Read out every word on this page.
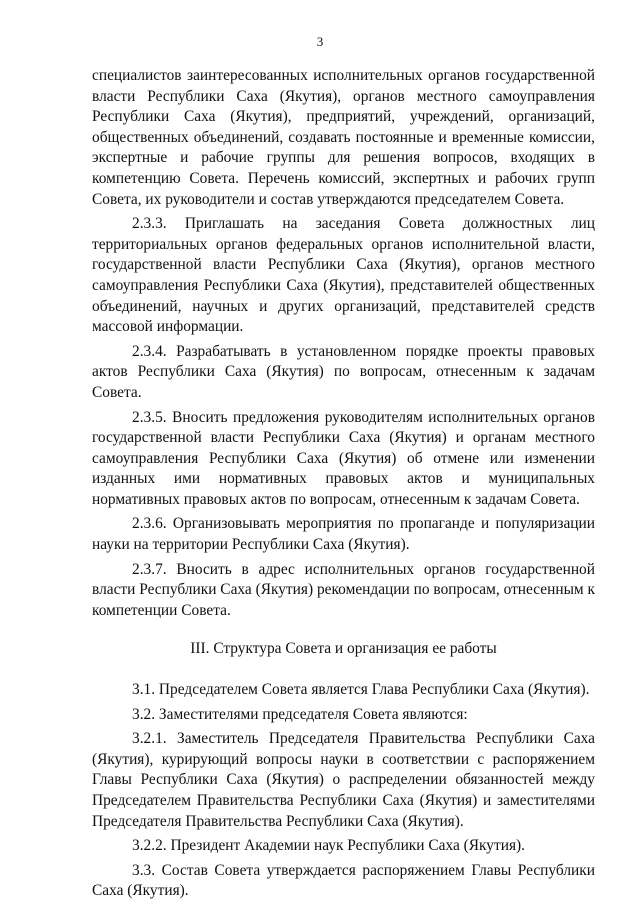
3

специалистов заинтересованных исполнительных органов государственной власти Республики Саха (Якутия), органов местного самоуправления Республики Саха (Якутия), предприятий, учреждений, организаций, общественных объединений, создавать постоянные и временные комиссии, экспертные и рабочие группы для решения вопросов, входящих в компетенцию Совета. Перечень комиссий, экспертных и рабочих групп Совета, их руководители и состав утверждаются председателем Совета.

2.3.3. Приглашать на заседания Совета должностных лиц территориальных органов федеральных органов исполнительной власти, государственной власти Республики Саха (Якутия), органов местного самоуправления Республики Саха (Якутия), представителей общественных объединений, научных и других организаций, представителей средств массовой информации.

2.3.4. Разрабатывать в установленном порядке проекты правовых актов Республики Саха (Якутия) по вопросам, отнесенным к задачам Совета.

2.3.5. Вносить предложения руководителям исполнительных органов государственной власти Республики Саха (Якутия) и органам местного самоуправления Республики Саха (Якутия) об отмене или изменении изданных ими нормативных правовых актов и муниципальных нормативных правовых актов по вопросам, отнесенным к задачам Совета.

2.3.6. Организовывать мероприятия по пропаганде и популяризации науки на территории Республики Саха (Якутия).

2.3.7. Вносить в адрес исполнительных органов государственной власти Республики Саха (Якутия) рекомендации по вопросам, отнесенным к компетенции Совета.

III. Структура Совета и организация ее работы

3.1. Председателем Совета является Глава Республики Саха (Якутия).

3.2. Заместителями председателя Совета являются:

3.2.1. Заместитель Председателя Правительства Республики Саха (Якутия), курирующий вопросы науки в соответствии с распоряжением Главы Республики Саха (Якутия) о распределении обязанностей между Председателем Правительства Республики Саха (Якутия) и заместителями Председателя Правительства Республики Саха (Якутия).

3.2.2. Президент Академии наук Республики Саха (Якутия).

3.3. Состав Совета утверждается распоряжением Главы Республики Саха (Якутия).
